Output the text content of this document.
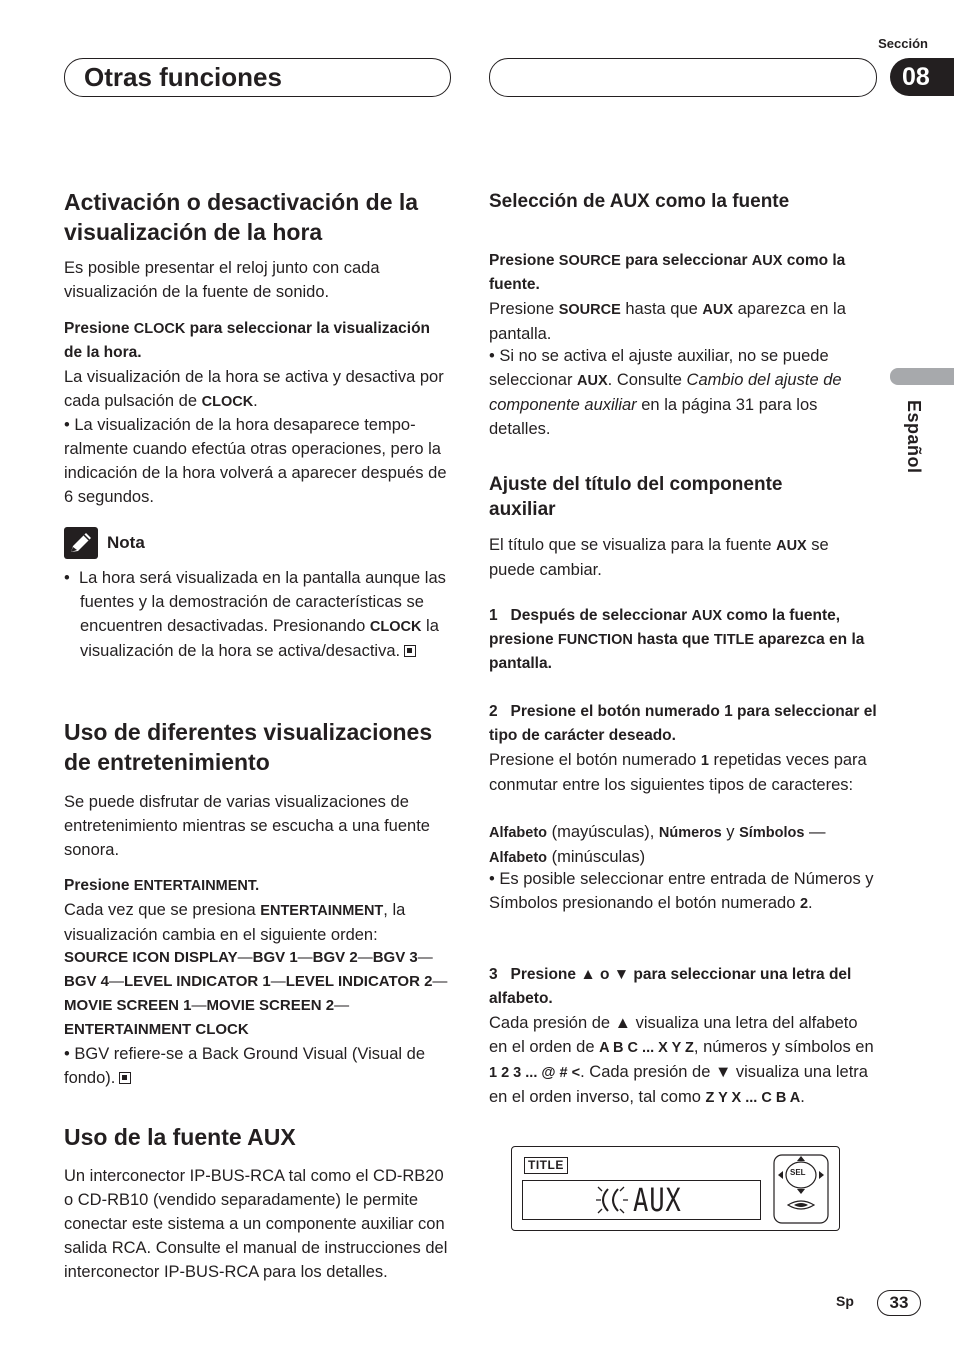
Otras funciones
Sección
08
Español
Activación o desactivación de la visualización de la hora

Es posible presentar el reloj junto con cada visualización de la fuente de sonido.

Presione CLOCK para seleccionar la visualización de la hora.

La visualización de la hora se activa y desactiva por cada pulsación de CLOCK.

• La visualización de la hora desaparece temporalmente cuando efectúa otras operaciones, pero la indicación de la hora volverá a aparecer después de 6 segundos.

Nota

•  La hora será visualizada en la pantalla aunque las fuentes y la demostración de características se encuentren desactivadas. Presionando CLOCK la visualización de la hora se activa/desactiva.

Uso de diferentes visualizaciones de entretenimiento

Se puede disfrutar de varias visualizaciones de entretenimiento mientras se escucha a una fuente sonora.

Presione ENTERTAINMENT.

Cada vez que se presiona ENTERTAINMENT, la visualización cambia en el siguiente orden:

SOURCE ICON DISPLAY—BGV 1—BGV 2—BGV 3—BGV 4—LEVEL INDICATOR 1—LEVEL INDICATOR 2—MOVIE SCREEN 1—MOVIE SCREEN 2—ENTERTAINMENT CLOCK

• BGV refiere-se a Back Ground Visual (Visual de fondo).

Uso de la fuente AUX

Un interconector IP-BUS-RCA tal como el CD-RB20 o CD-RB10 (vendido separadamente) le permite conectar este sistema a un componente auxiliar con salida RCA. Consulte el manual de instrucciones del interconector IP-BUS-RCA para los detalles.

Selección de AUX como la fuente

Presione SOURCE para seleccionar AUX como la fuente.

Presione SOURCE hasta que AUX aparezca en la pantalla.

• Si no se activa el ajuste auxiliar, no se puede seleccionar AUX. Consulte Cambio del ajuste de componente auxiliar en la página 31 para los detalles.

Ajuste del título del componente auxiliar

El título que se visualiza para la fuente AUX se puede cambiar.

1 Después de seleccionar AUX como la fuente, presione FUNCTION hasta que TITLE aparezca en la pantalla.

2 Presione el botón numerado 1 para seleccionar el tipo de carácter deseado.

Presione el botón numerado 1 repetidas veces para conmutar entre los siguientes tipos de caracteres:

Alfabeto (mayúsculas), Números y Símbolos — Alfabeto (minúsculas)

• Es posible seleccionar entre entrada de Números y Símbolos presionando el botón numerado 2.

3 Presione ▲ o ▼ para seleccionar una letra del alfabeto.

Cada presión de ▲ visualiza una letra del alfabeto en el orden de A B C ... X Y Z, números y símbolos en 1 2 3 ... @ # <. Cada presión de ▼ visualiza una letra en el orden inverso, tal como Z Y X ... C B A.

TITLE
AUX
SEL
Sp	33
